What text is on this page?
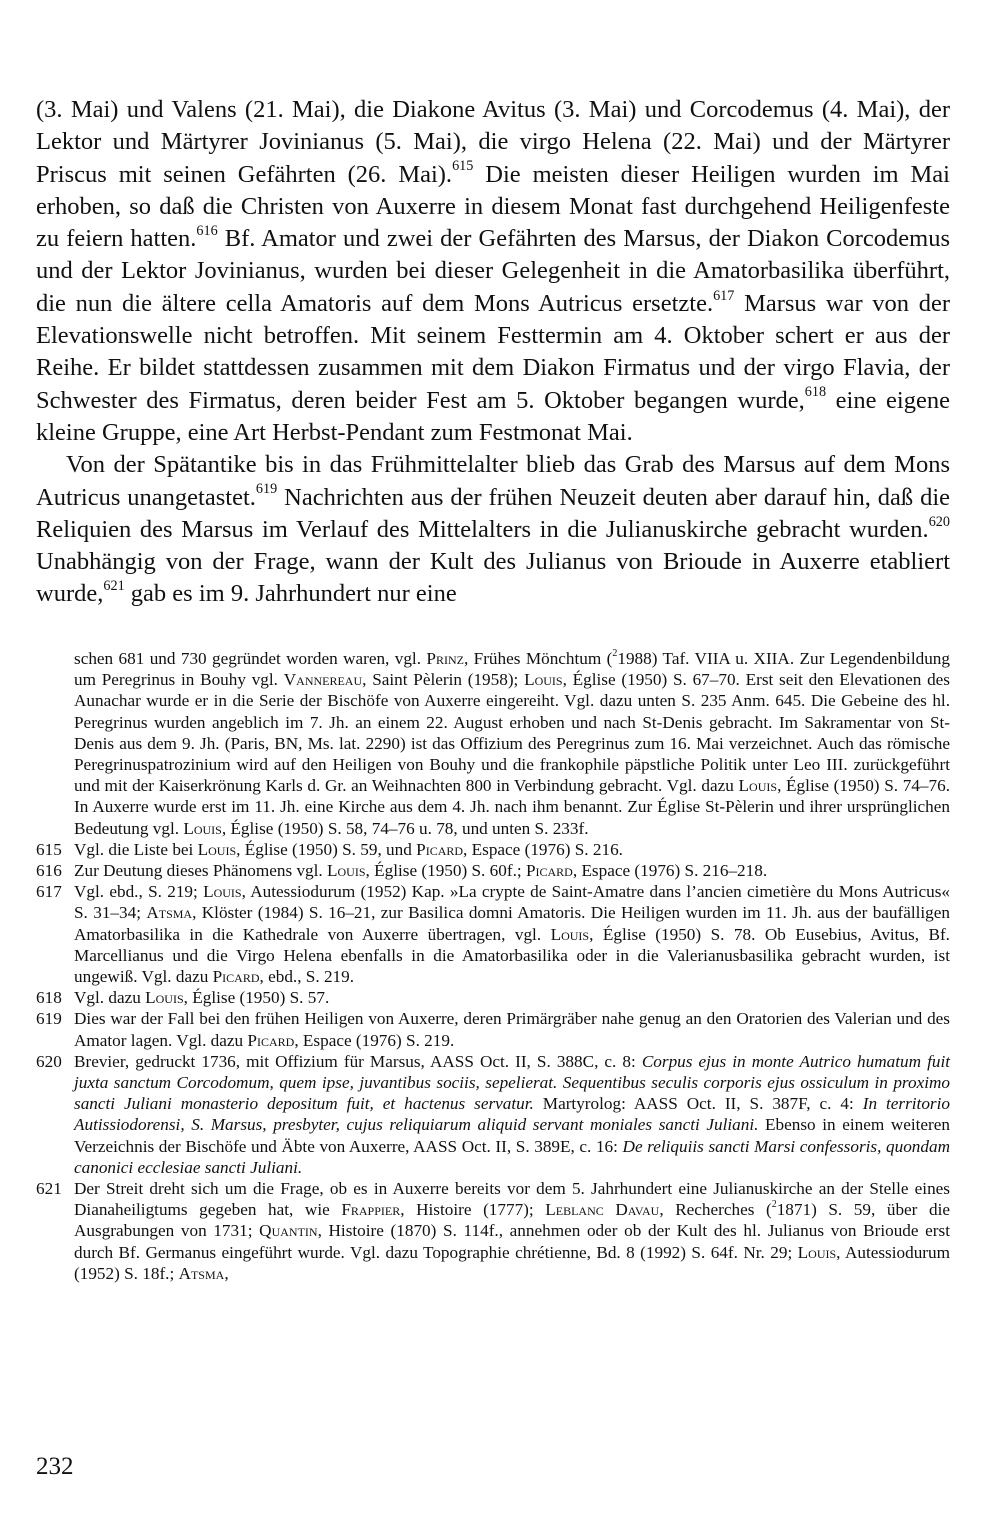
(3. Mai) und Valens (21. Mai), die Diakone Avitus (3. Mai) und Corcodemus (4. Mai), der Lektor und Märtyrer Jovinianus (5. Mai), die virgo Helena (22. Mai) und der Märtyrer Priscus mit seinen Gefährten (26. Mai).$^{615}$ Die meisten dieser Heiligen wurden im Mai erhoben, so daß die Christen von Auxerre in diesem Monat fast durchgehend Heiligenfeste zu feiern hatten.$^{616}$ Bf. Amator und zwei der Gefährten des Marsus, der Diakon Corcodemus und der Lektor Jovinianus, wurden bei dieser Gelegenheit in die Amatorbasilika überführt, die nun die ältere cella Amatoris auf dem Mons Autricus ersetzte.$^{617}$ Marsus war von der Elevationswelle nicht betroffen. Mit seinem Festtermin am 4. Oktober schert er aus der Reihe. Er bildet stattdessen zusammen mit dem Diakon Firmatus und der virgo Flavia, der Schwester des Firmatus, deren beider Fest am 5. Oktober begangen wurde,$^{618}$ eine eigene kleine Gruppe, eine Art Herbst-Pendant zum Festmonat Mai.

Von der Spätantike bis in das Frühmittelalter blieb das Grab des Marsus auf dem Mons Autricus unangetastet.$^{619}$ Nachrichten aus der frühen Neuzeit deuten aber darauf hin, daß die Reliquien des Marsus im Verlauf des Mittelalters in die Julianuskirche gebracht wurden.$^{620}$ Unabhängig von der Frage, wann der Kult des Julianus von Brioude in Auxerre etabliert wurde,$^{621}$ gab es im 9. Jahrhundert nur eine

schen 681 und 730 gegründet worden waren, vgl. Prinz, Frühes Mönchtum ($^2$1988) Taf. VIIA u. XIIA. Zur Legendenbildung um Peregrinus in Bouhy vgl. Vannereau, Saint Pèlerin (1958); Louis, Église (1950) S. 67–70. Erst seit den Elevationen des Aunachar wurde er in die Serie der Bischöfe von Auxerre eingereiht. Vgl. dazu unten S. 235 Anm. 645. Die Gebeine des hl. Peregrinus wurden angeblich im 7. Jh. an einem 22. August erhoben und nach St-Denis gebracht. Im Sakramentar von St-Denis aus dem 9. Jh. (Paris, BN, Ms. lat. 2290) ist das Offizium des Peregrinus zum 16. Mai verzeichnet. Auch das römische Peregrinuspatrozinium wird auf den Heiligen von Bouhy und die frankophile päpstliche Politik unter Leo III. zurückgeführt und mit der Kaiserkrönung Karls d. Gr. an Weihnachten 800 in Verbindung gebracht. Vgl. dazu Louis, Église (1950) S. 74–76. In Auxerre wurde erst im 11. Jh. eine Kirche aus dem 4. Jh. nach ihm benannt. Zur Église St-Pèlerin und ihrer ursprünglichen Bedeutung vgl. Louis, Église (1950) S. 58, 74–76 u. 78, und unten S. 233f.
615 Vgl. die Liste bei Louis, Église (1950) S. 59, und Picard, Espace (1976) S. 216.
616 Zur Deutung dieses Phänomens vgl. Louis, Église (1950) S. 60f.; Picard, Espace (1976) S. 216–218.
617 Vgl. ebd., S. 219; Louis, Autessiodurum (1952) Kap. »La crypte de Saint-Amatre dans l’ancien cimetière du Mons Autricus« S. 31–34; Atsma, Klöster (1984) S. 16–21, zur Basilica domni Amatoris. Die Heiligen wurden im 11. Jh. aus der baufälligen Amatorbasilika in die Kathedrale von Auxerre übertragen, vgl. Louis, Église (1950) S. 78. Ob Eusebius, Avitus, Bf. Marcellianus und die Virgo Helena ebenfalls in die Amatorbasilika oder in die Valerianusbasilika gebracht wurden, ist ungewiß. Vgl. dazu Picard, ebd., S. 219.
618 Vgl. dazu Louis, Église (1950) S. 57.
619 Dies war der Fall bei den frühen Heiligen von Auxerre, deren Primärgräber nahe genug an den Oratorien des Valerian und des Amator lagen. Vgl. dazu Picard, Espace (1976) S. 219.
620 Brevier, gedruckt 1736, mit Offizium für Marsus, AASS Oct. II, S. 388C, c. 8: Corpus ejus in monte Autrico humatum fuit juxta sanctum Corcodomum, quem ipse, juvantibus sociis, sepelierat. Sequentibus seculis corporis ejus ossiculum in proximo sancti Juliani monasterio depositum fuit, et hactenus servatur. Martyrolog: AASS Oct. II, S. 387F, c. 4: In territorio Autissiodorensi, S. Marsus, presbyter, cujus reliquiarum aliquid servant moniales sancti Juliani. Ebenso in einem weiteren Verzeichnis der Bischöfe und Äbte von Auxerre, AASS Oct. II, S. 389E, c. 16: De reliquiis sancti Marsi confessoris, quondam canonici ecclesiae sancti Juliani.
621 Der Streit dreht sich um die Frage, ob es in Auxerre bereits vor dem 5. Jahrhundert eine Julianuskirche an der Stelle eines Dianaheiligtums gegeben hat, wie Frappier, Histoire (1777); Leblanc Davau, Recherches ($^2$1871) S. 59, über die Ausgrabungen von 1731; Quantin, Histoire (1870) S. 114f., annehmen oder ob der Kult des hl. Julianus von Brioude erst durch Bf. Germanus eingeführt wurde. Vgl. dazu Topographie chrétienne, Bd. 8 (1992) S. 64f. Nr. 29; Louis, Autessiodurum (1952) S. 18f.; Atsma,
232
